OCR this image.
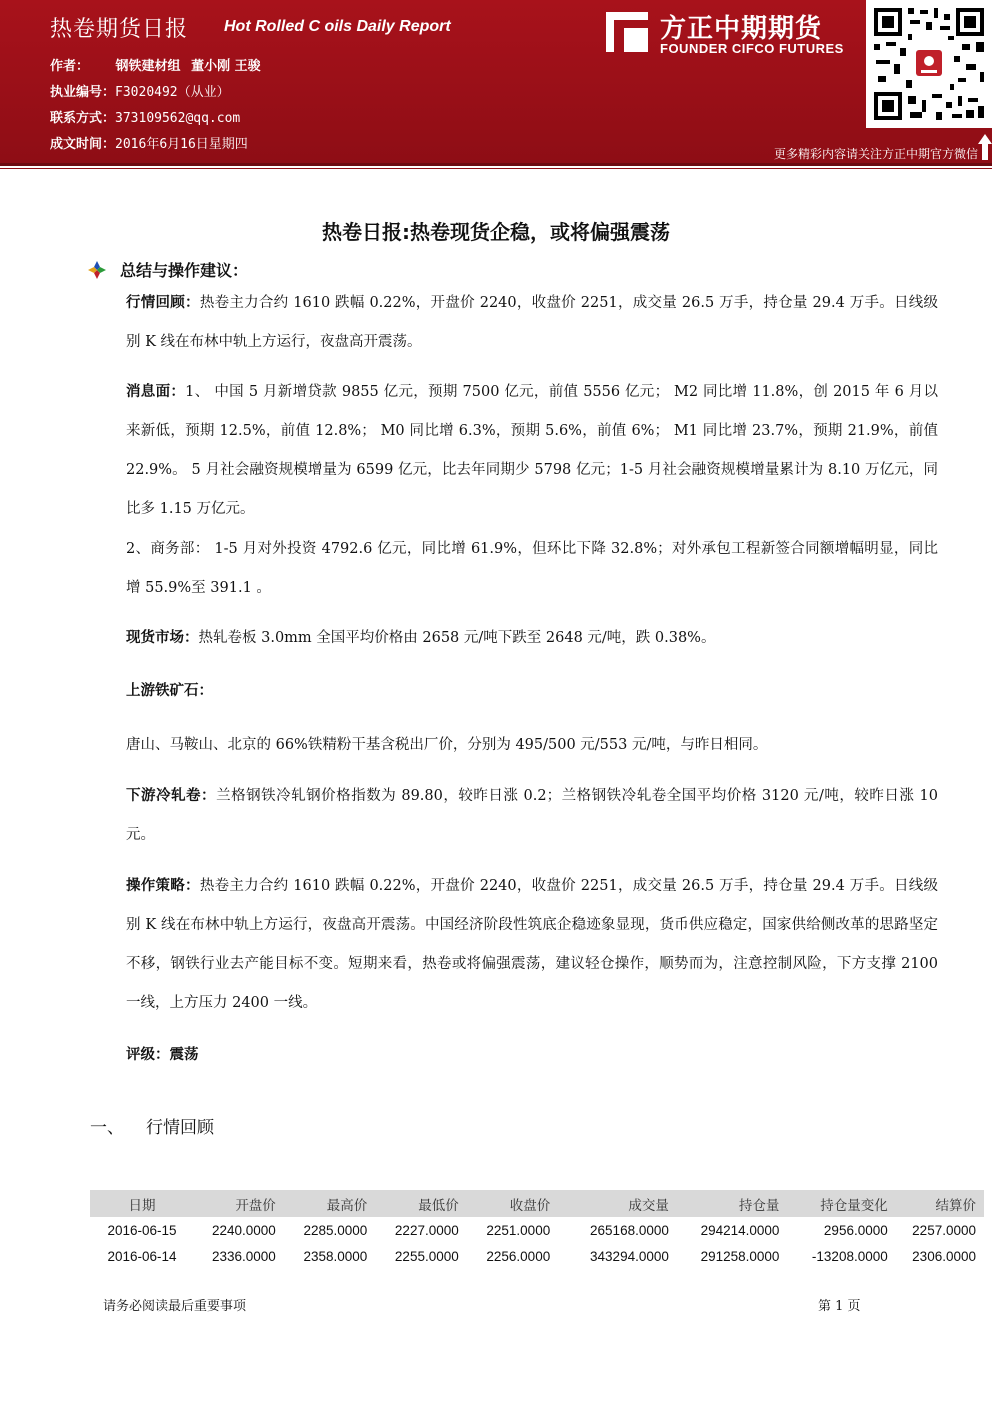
热卷期货日报 Hot Rolled C oils Daily Report
作者： 钢铁建材组 董小刚 王骏
执业编号：F3020492（从业）
联系方式：373109562@qq.com
成文时间：2016年6月16日星期四
方正中期期货
FOUNDER CIFCO FUTURES
更多精彩内容请关注方正中期官方微信
热卷日报:热卷现货企稳，或将偏强震荡
总结与操作建议：
行情回顾：热卷主力合约 1610 跌幅 0.22%，开盘价 2240，收盘价 2251，成交量 26.5 万手，持仓量 29.4 万手。日线级别 K 线在布林中轨上方运行，夜盘高开震荡。
消息面：1、 中国 5 月新增贷款 9855 亿元，预期 7500 亿元，前值 5556 亿元； M2 同比增 11.8%，创 2015 年 6 月以来新低，预期 12.5%，前值 12.8%； M0 同比增 6.3%，预期 5.6%，前值 6%； M1 同比增 23.7%，预期 21.9%，前值 22.9%。 5 月社会融资规模增量为 6599 亿元，比去年同期少 5798 亿元；1-5 月社会融资规模增量累计为 8.10 万亿元，同比多 1.15 万亿元。
2、商务部： 1-5 月对外投资 4792.6 亿元，同比增 61.9%，但环比下降 32.8%；对外承包工程新签合同额增幅明显，同比增 55.9%至 391.1 。
现货市场：热轧卷板 3.0mm 全国平均价格由 2658 元/吨下跌至 2648 元/吨，跌 0.38%。
上游铁矿石：
唐山、马鞍山、北京的 66%铁精粉干基含税出厂价，分别为 495/500 元/553 元/吨，与昨日相同。
下游冷轧卷：兰格钢铁冷轧钢价格指数为 89.80，较昨日涨 0.2；兰格钢铁冷轧卷全国平均价格 3120 元/吨，较昨日涨 10 元。
操作策略：热卷主力合约 1610 跌幅 0.22%，开盘价 2240，收盘价 2251，成交量 26.5 万手，持仓量 29.4 万手。日线级别 K 线在布林中轨上方运行，夜盘高开震荡。中国经济阶段性筑底企稳迹象显现，货币供应稳定，国家供给侧改革的思路坚定不移，钢铁行业去产能目标不变。短期来看，热卷或将偏强震荡，建议轻仓操作，顺势而为，注意控制风险，下方支撑 2100 一线，上方压力 2400 一线。
评级：震荡
一、 行情回顾
日期	开盘价	最高价	最低价	收盘价	成交量	持仓量	持仓量变化	结算价
2016-06-15	2240.0000	2285.0000	2227.0000	2251.0000	265168.0000	294214.0000	2956.0000	2257.0000
2016-06-14	2336.0000	2358.0000	2255.0000	2256.0000	343294.0000	291258.0000	-13208.0000	2306.0000
请务必阅读最后重要事项	第 1 页
